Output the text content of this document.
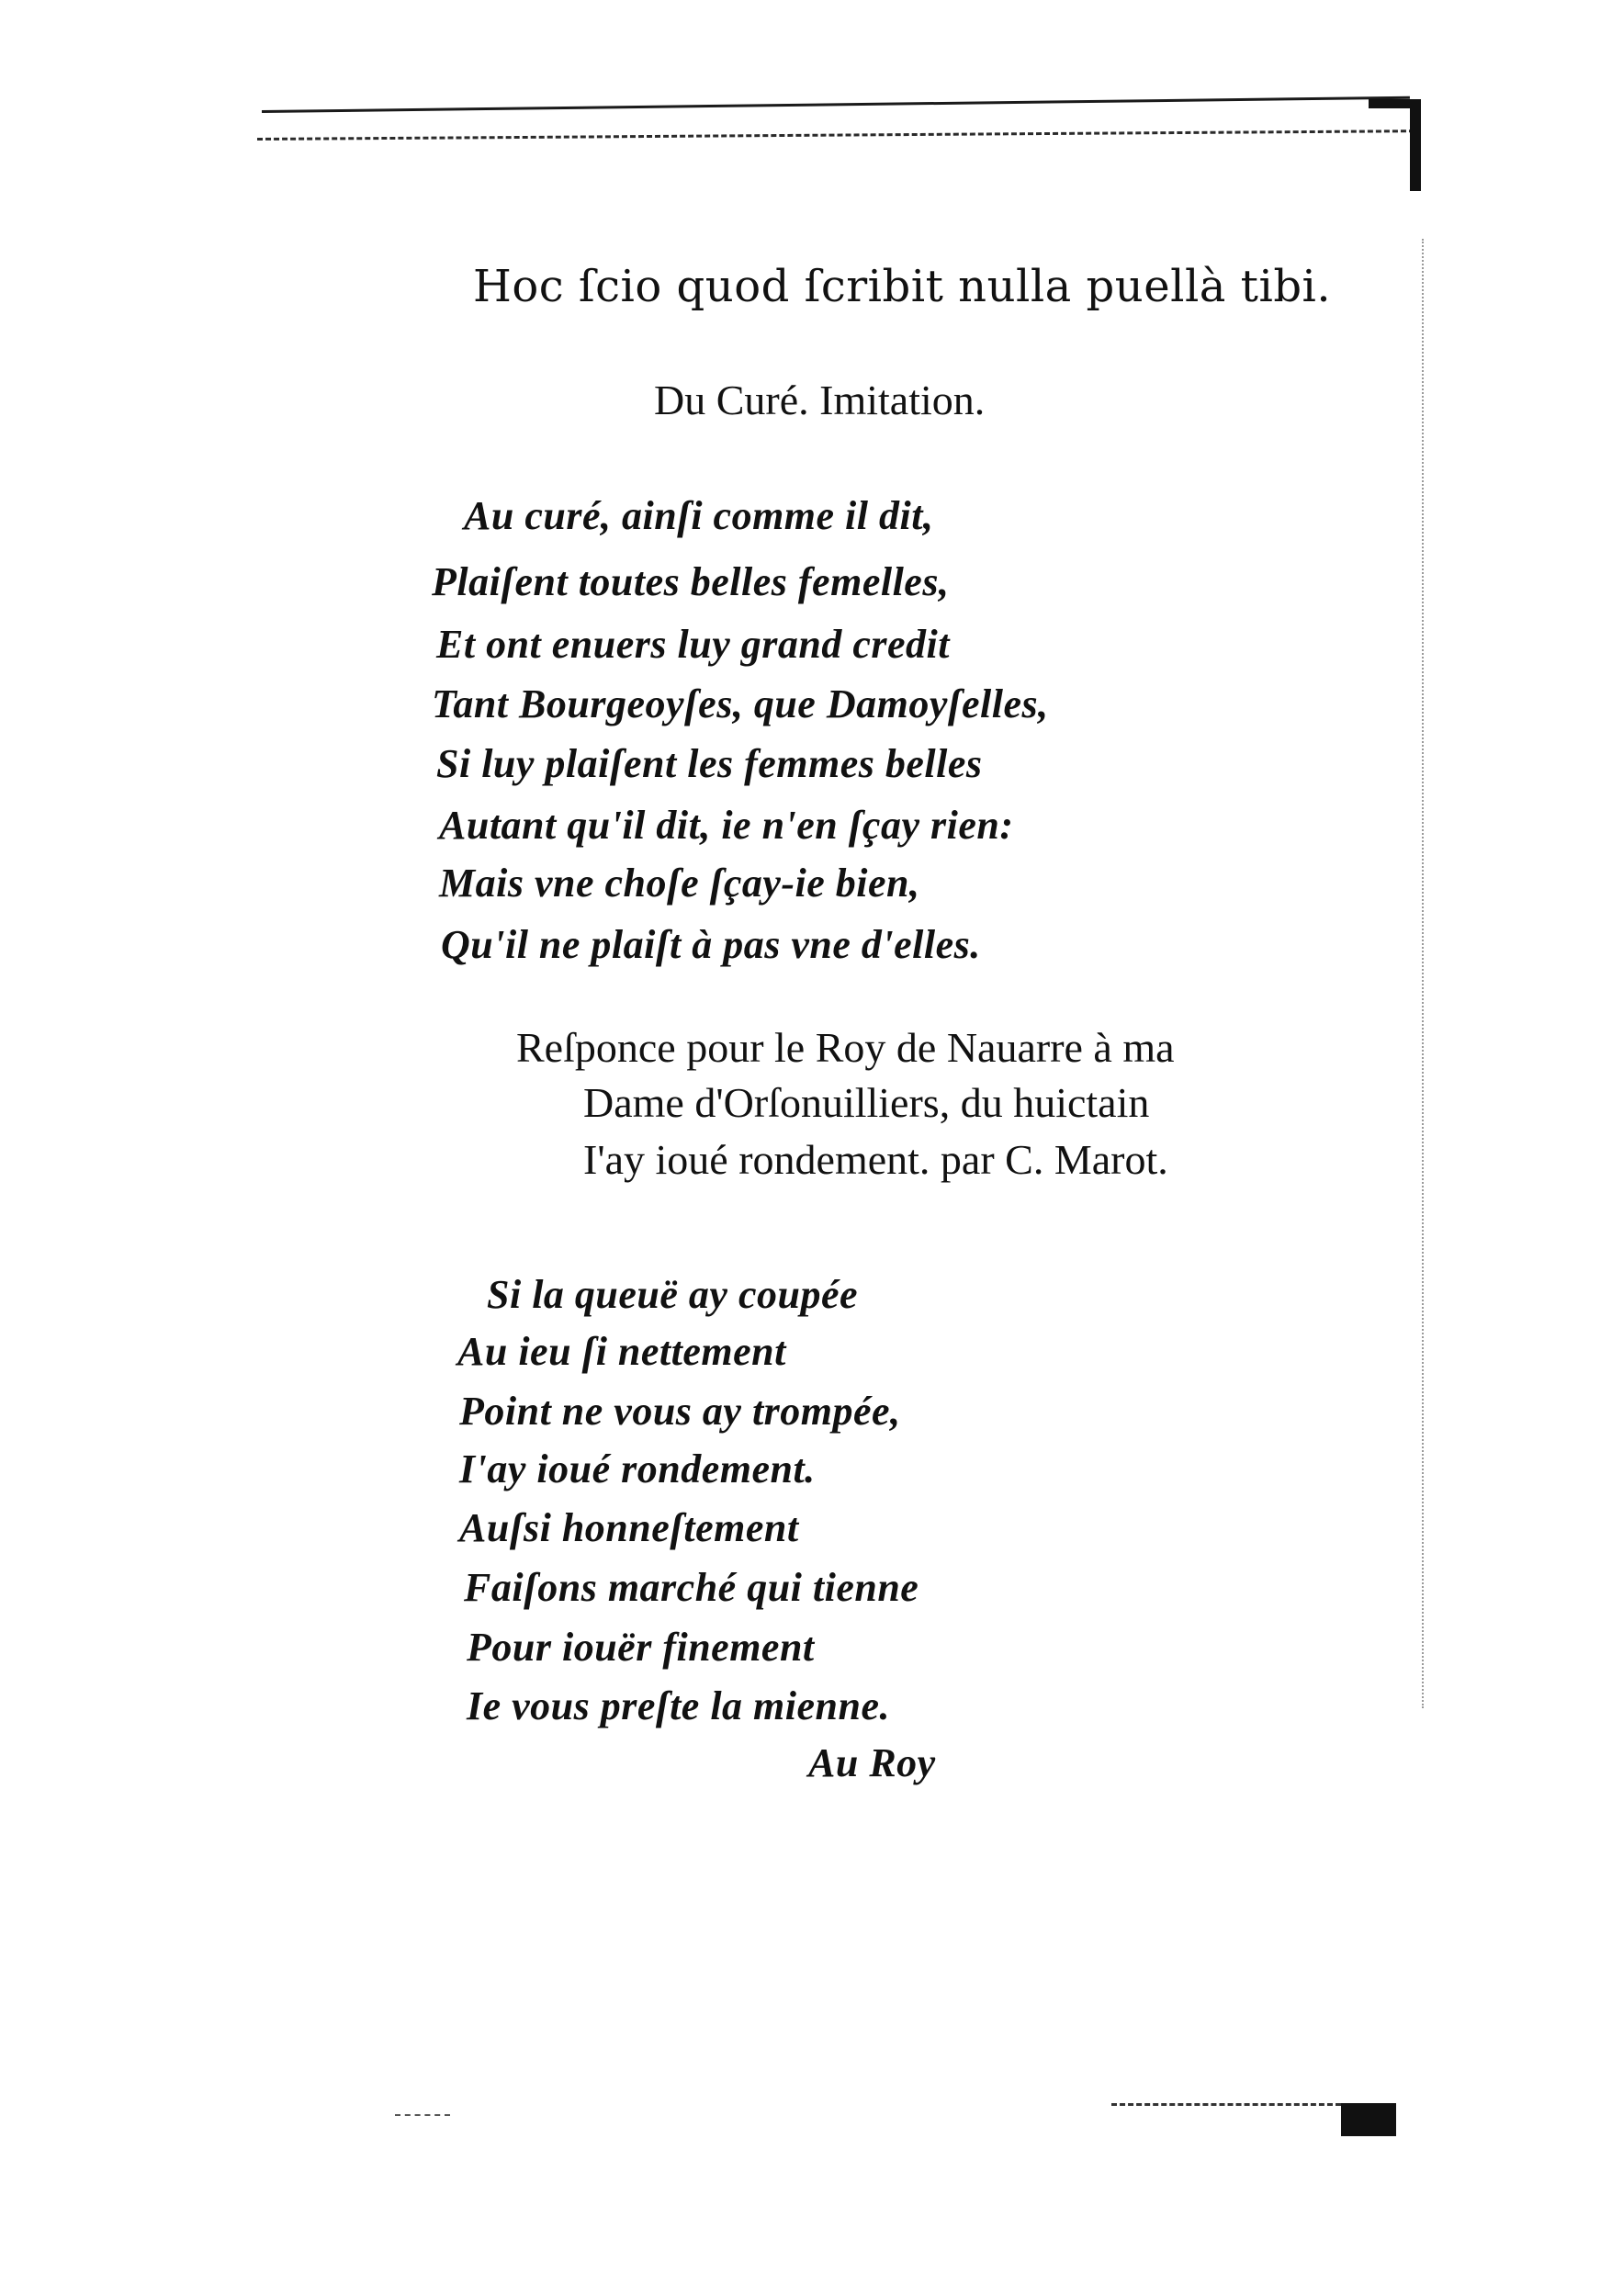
Hoc ſcio quod ſcribit nulla puellà tibi.
Du Curé. Imitation.
Au curé, ainſi comme il dit,
Plaiſent toutes belles femelles,
Et ont enuers luy grand credit
Tant Bourgeoyſes, que Damoyſelles,
Si luy plaiſent les femmes belles
Autant qu'il dit, ie n'en ſçay rien:
Mais vne choſe ſçay-ie bien,
Qu'il ne plaiſt à pas vne d'elles.
Reſponce pour le Roy de Nauarre à ma
Dame d'Orſonuilliers, du huictain
I'ay ioué rondement. par C. Marot.
Si la queuë ay coupée
Au ieu ſi nettement
Point ne vous ay trompée,
I'ay ioué rondement.
Auſsi honneſtement
Faiſons marché qui tienne
Pour iouër finement
Ie vous preſte la mienne.
Au Roy
